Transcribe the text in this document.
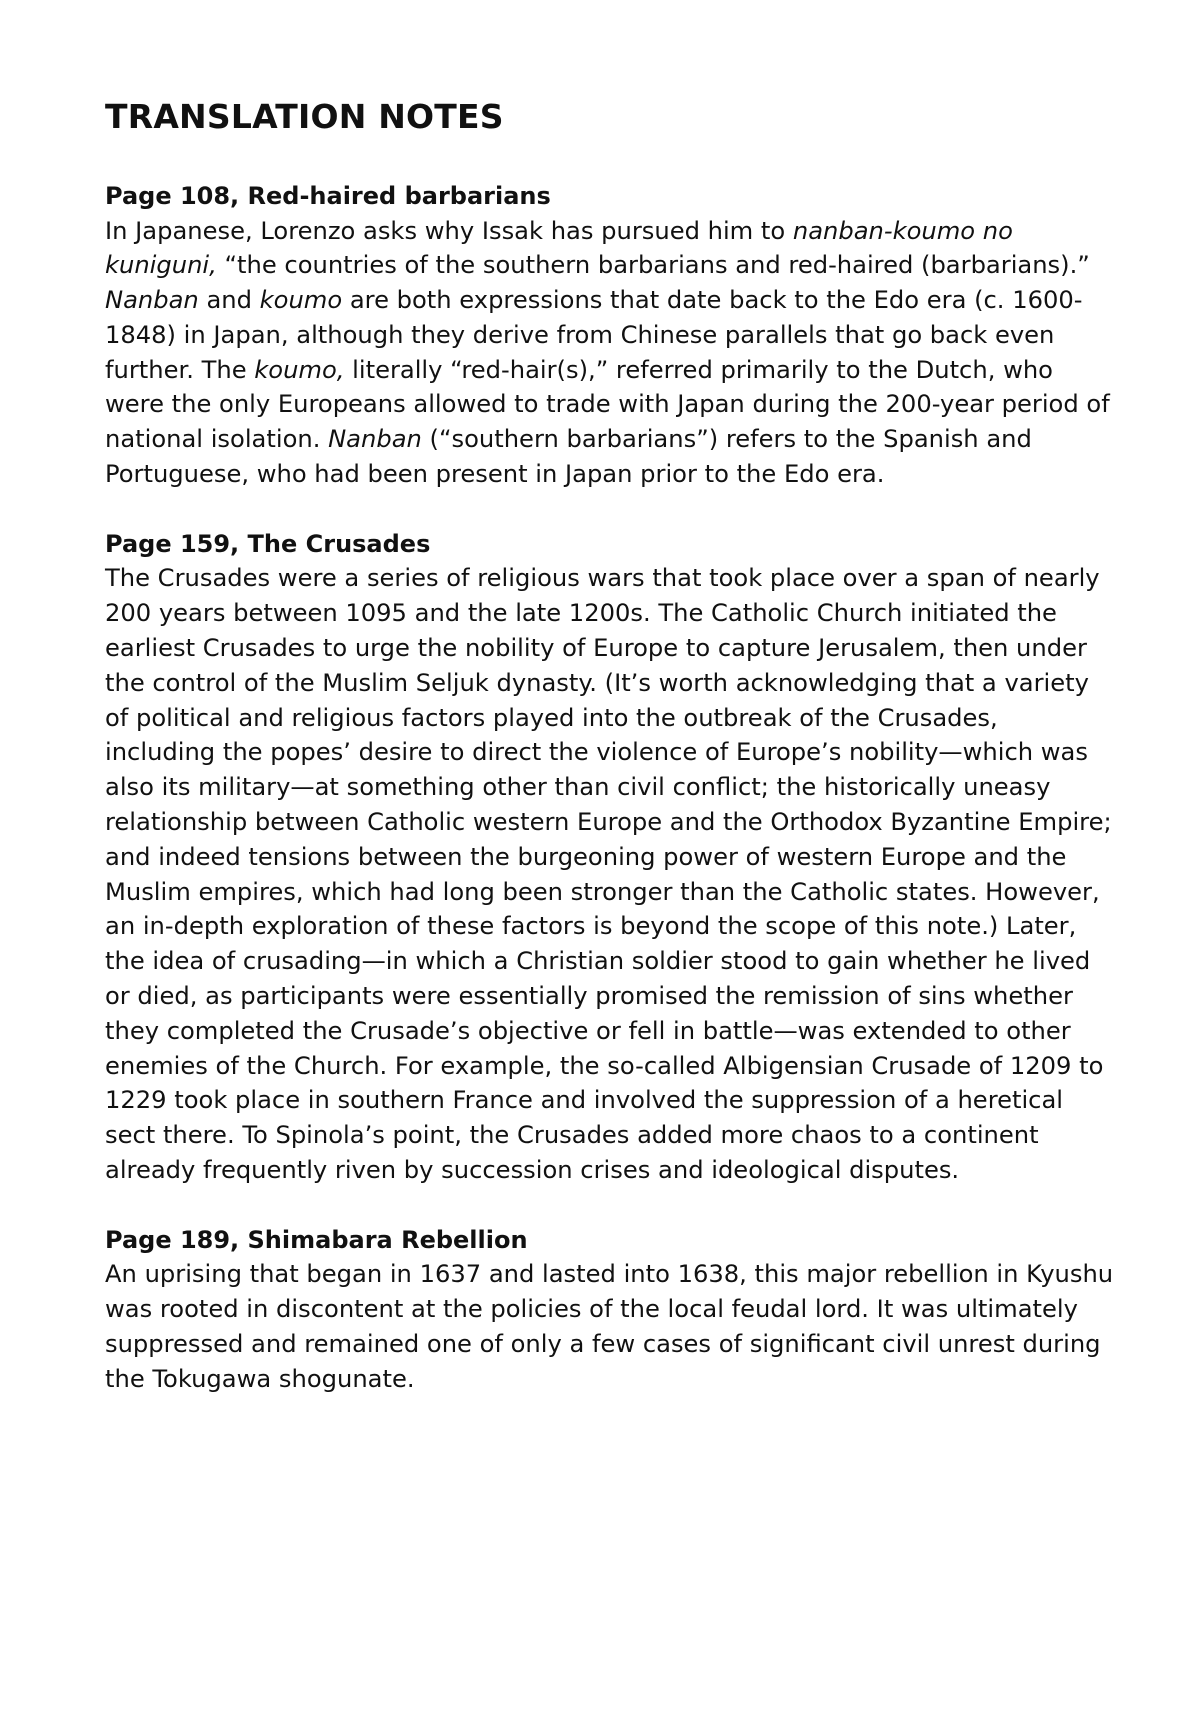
TRANSLATION NOTES

Page 108, Red-haired barbarians

In Japanese, Lorenzo asks why Issak has pursued him to nanban-koumo no kuniguni, “the countries of the southern barbarians and red-haired (barbarians).” Nanban and koumo are both expressions that date back to the Edo era (c. 1600-1848) in Japan, although they derive from Chinese parallels that go back even further. The koumo, literally “red-hair(s),” referred primarily to the Dutch, who were the only Europeans allowed to trade with Japan during the 200-year period of national isolation. Nanban (“southern barbarians”) refers to the Spanish and Portuguese, who had been present in Japan prior to the Edo era.

Page 159, The Crusades

The Crusades were a series of religious wars that took place over a span of nearly 200 years between 1095 and the late 1200s. The Catholic Church initiated the earliest Crusades to urge the nobility of Europe to capture Jerusalem, then under the control of the Muslim Seljuk dynasty. (It’s worth acknowledging that a variety of political and religious factors played into the outbreak of the Crusades, including the popes’ desire to direct the violence of Europe’s nobility—which was also its military—at something other than civil conflict; the historically uneasy relationship between Catholic western Europe and the Orthodox Byzantine Empire; and indeed tensions between the burgeoning power of western Europe and the Muslim empires, which had long been stronger than the Catholic states. However, an in-depth exploration of these factors is beyond the scope of this note.) Later, the idea of crusading—in which a Christian soldier stood to gain whether he lived or died, as participants were essentially promised the remission of sins whether they completed the Crusade’s objective or fell in battle—was extended to other enemies of the Church. For example, the so-called Albigensian Crusade of 1209 to 1229 took place in southern France and involved the suppression of a heretical sect there. To Spinola’s point, the Crusades added more chaos to a continent already frequently riven by succession crises and ideological disputes.

Page 189, Shimabara Rebellion

An uprising that began in 1637 and lasted into 1638, this major rebellion in Kyushu was rooted in discontent at the policies of the local feudal lord. It was ultimately suppressed and remained one of only a few cases of significant civil unrest during the Tokugawa shogunate.
